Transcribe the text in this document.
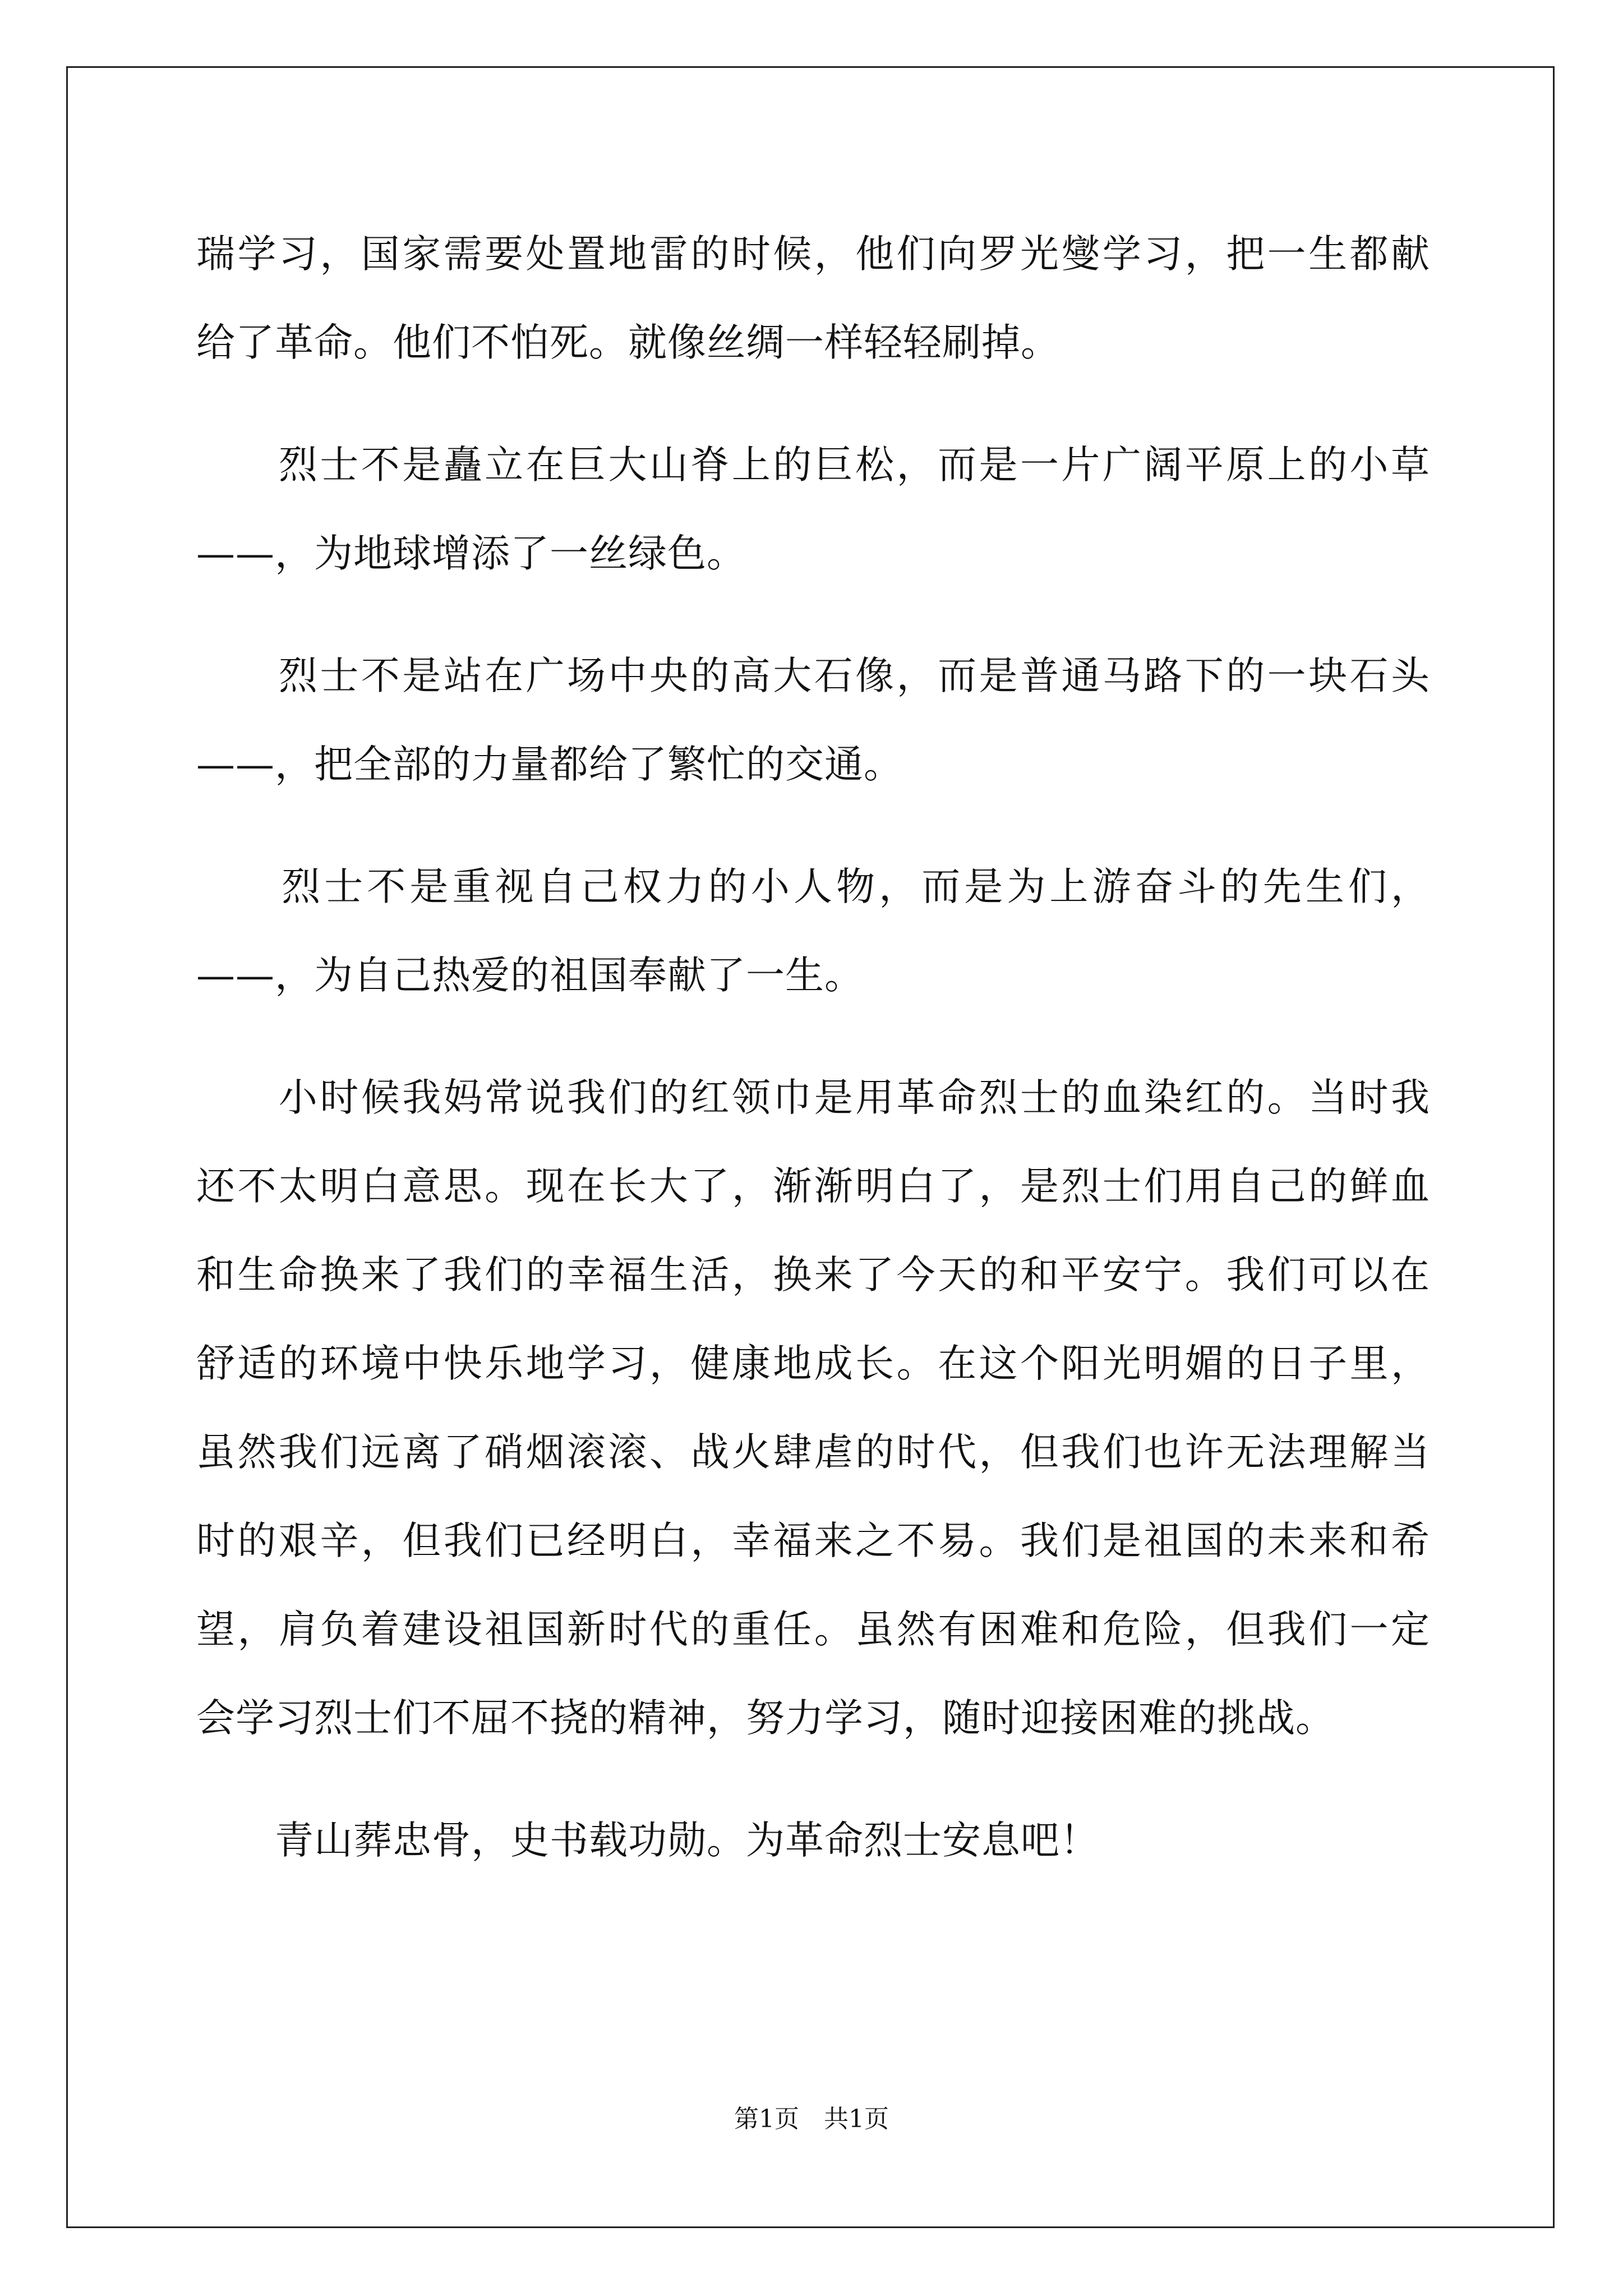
瑞学习，国家需要处置地雷的时候，他们向罗光燮学习，把一生都献
给了革命。他们不怕死。就像丝绸一样轻轻刷掉。
　　烈士不是矗立在巨大山脊上的巨松，而是一片广阔平原上的小草
——，为地球增添了一丝绿色。
　　烈士不是站在广场中央的高大石像，而是普通马路下的一块石头
——，把全部的力量都给了繁忙的交通。
　　烈士不是重视自己权力的小人物，而是为上游奋斗的先生们，
——，为自己热爱的祖国奉献了一生。
　　小时候我妈常说我们的红领巾是用革命烈士的血染红的。当时我
还不太明白意思。现在长大了，渐渐明白了，是烈士们用自己的鲜血
和生命换来了我们的幸福生活，换来了今天的和平安宁。我们可以在
舒适的环境中快乐地学习，健康地成长。在这个阳光明媚的日子里，
虽然我们远离了硝烟滚滚、战火肆虐的时代，但我们也许无法理解当
时的艰辛，但我们已经明白，幸福来之不易。我们是祖国的未来和希
望，肩负着建设祖国新时代的重任。虽然有困难和危险，但我们一定
会学习烈士们不屈不挠的精神，努力学习，随时迎接困难的挑战。
　　青山葬忠骨，史书载功勋。为革命烈士安息吧！
第1页　共1页
